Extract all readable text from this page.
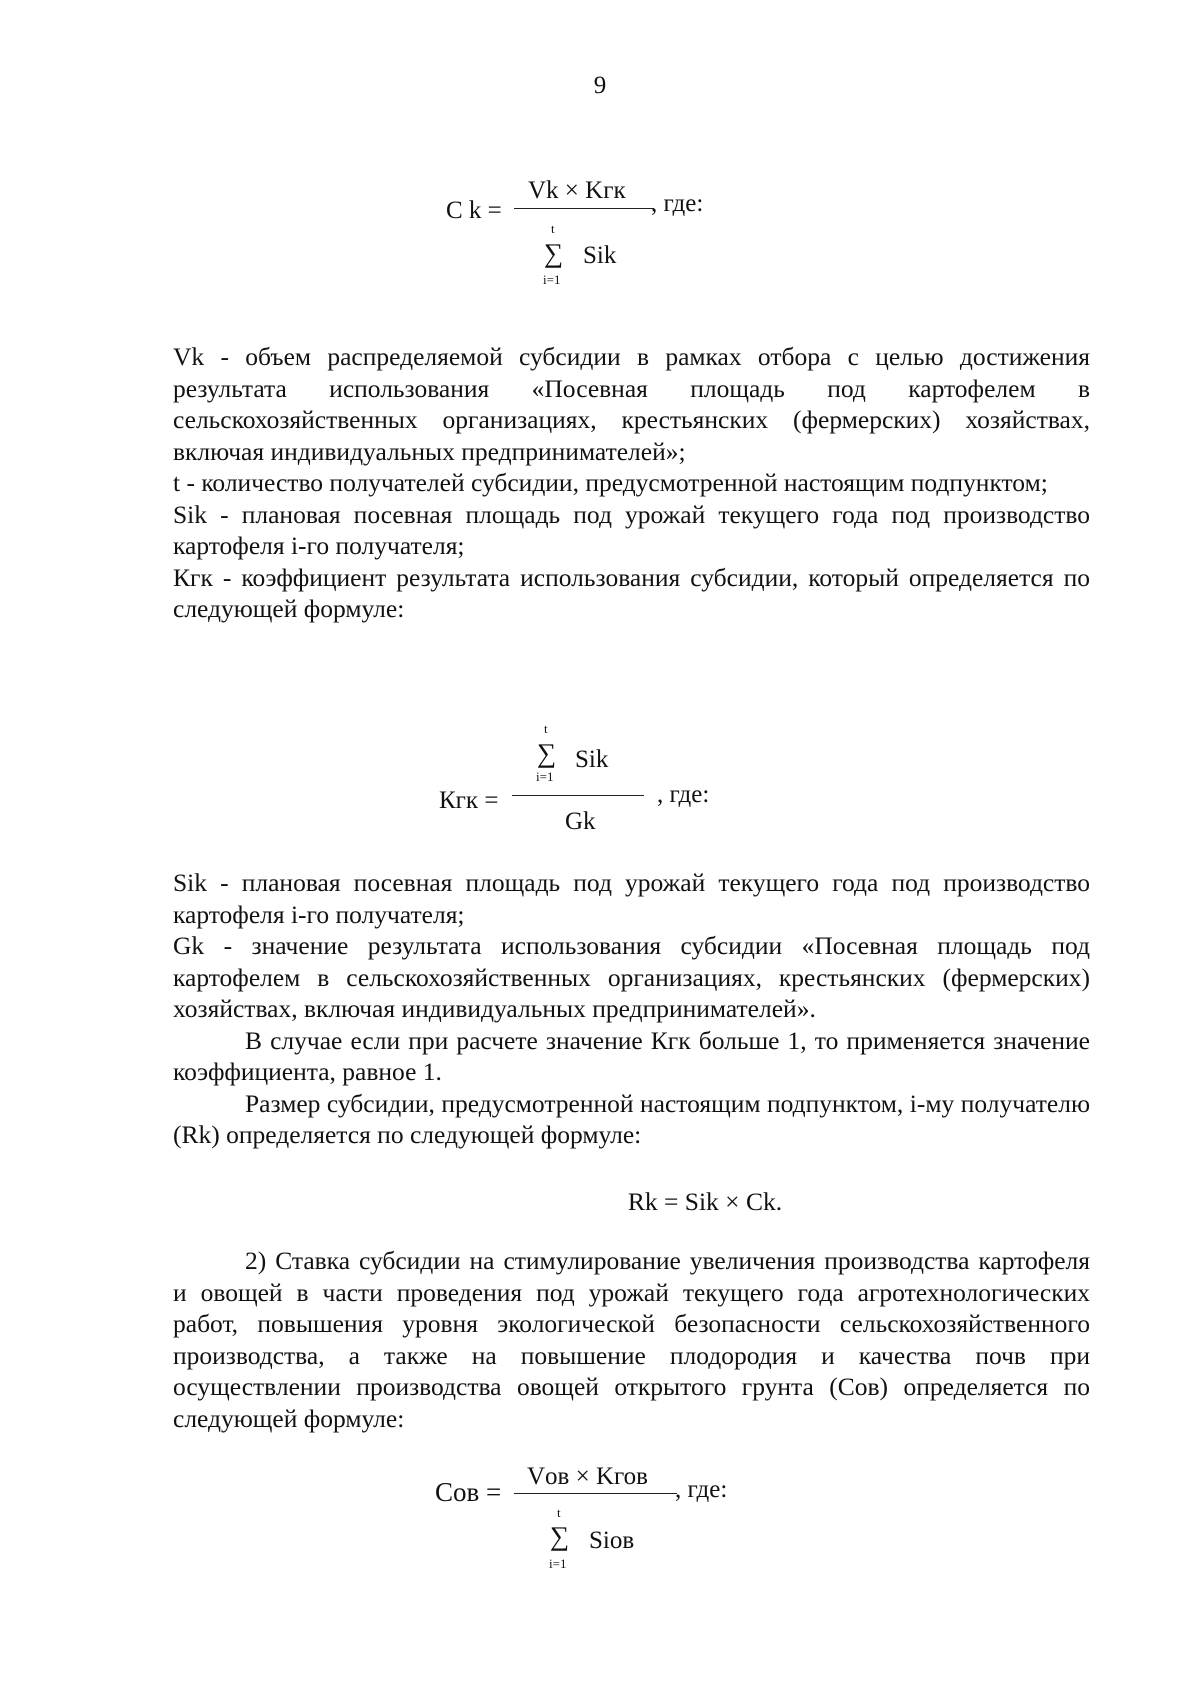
9
C k =
Vk × Kгк , где:
t
∑
i=1
Sik

Vk - объем распределяемой субсидии в рамках отбора с целью достижения результата использования «Посевная площадь под картофелем в сельскохозяйственных организациях, крестьянских (фермерских) хозяйствах, включая индивидуальных предпринимателей»;

t - количество получателей субсидии, предусмотренной настоящим подпунктом;

Sik - плановая посевная площадь под урожай текущего года под производство картофеля i-го получателя;

Кгк - коэффициент результата использования субсидии, который определяется по следующей формуле:

Кгк =
t
∑
i=1
Sik
Gk
, где:

Sik - плановая посевная площадь под урожай текущего года под производство картофеля i-го получателя;

Gk - значение результата использования субсидии «Посевная площадь под картофелем в сельскохозяйственных организациях, крестьянских (фермерских) хозяйствах, включая индивидуальных предпринимателей».

В случае если при расчете значение Кгк больше 1, то применяется значение коэффициента, равное 1.

Размер субсидии, предусмотренной настоящим подпунктом, i-му получателю (Rk) определяется по следующей формуле:

Rk = Sik × Ck.

2) Ставка субсидии на стимулирование увеличения производства картофеля и овощей в части проведения под урожай текущего года агротехнологических работ, повышения уровня экологической безопасности сельскохозяйственного производства, а также на повышение плодородия и качества почв при осуществлении производства овощей открытого грунта (Сов) определяется по следующей формуле:

Сов =
Vов × Kгов , где:
t
∑
i=1
Siов
